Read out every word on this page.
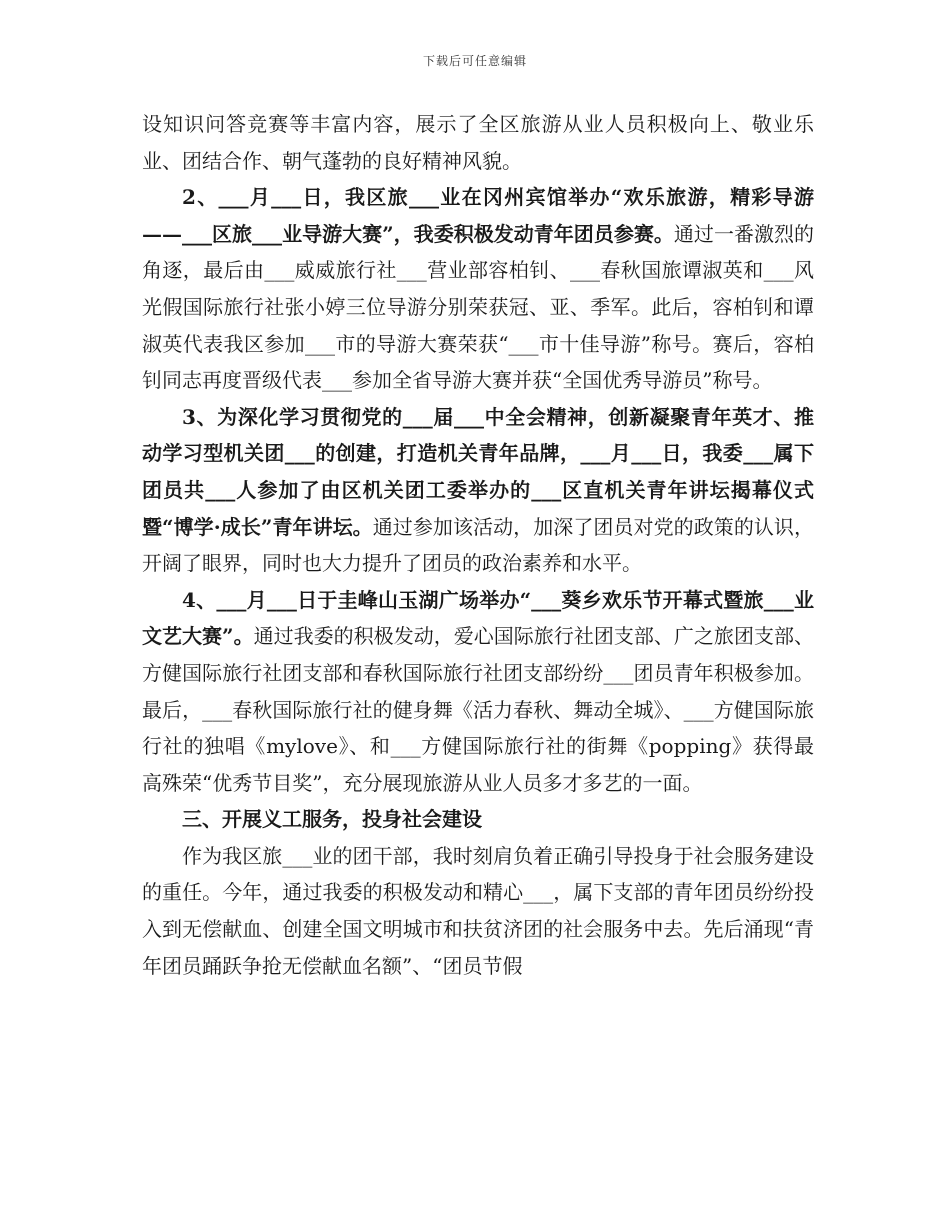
下载后可任意编辑

设知识问答竞赛等丰富内容，展示了全区旅游从业人员积极向上、敬业乐业、团结合作、朝气蓬勃的良好精神风貌。

2、___月___日，我区旅___业在冈州宾馆举办“欢乐旅游，精彩导游——___区旅___业导游大赛”，我委积极发动青年团员参赛。通过一番激烈的角逐，最后由___威威旅行社___营业部容柏钊、___春秋国旅谭淑英和___风光假国际旅行社张小婷三位导游分别荣获冠、亚、季军。此后，容柏钊和谭淑英代表我区参加___市的导游大赛荣获“___市十佳导游”称号。赛后，容柏钊同志再度晋级代表___参加全省导游大赛并获“全国优秀导游员”称号。

3、为深化学习贯彻党的___届___中全会精神，创新凝聚青年英才、推动学习型机关团___的创建，打造机关青年品牌，___月___日，我委___属下团员共___人参加了由区机关团工委举办的___区直机关青年讲坛揭幕仪式暨“博学·成长”青年讲坛。通过参加该活动，加深了团员对党的政策的认识，开阔了眼界，同时也大力提升了团员的政治素养和水平。

4、___月___日于圭峰山玉湖广场举办“___葵乡欢乐节开幕式暨旅___业文艺大赛”。通过我委的积极发动，爱心国际旅行社团支部、广之旅团支部、方健国际旅行社团支部和春秋国际旅行社团支部纷纷___团员青年积极参加。最后，___春秋国际旅行社的健身舞《活力春秋、舞动全城》、___方健国际旅行社的独唱《mylove》、和___方健国际旅行社的街舞《popping》获得最高殊荣“优秀节目奖”，充分展现旅游从业人员多才多艺的一面。

三、开展义工服务，投身社会建设

作为我区旅___业的团干部，我时刻肩负着正确引导投身于社会服务建设的重任。今年，通过我委的积极发动和精心___，属下支部的青年团员纷纷投入到无偿献血、创建全国文明城市和扶贫济团的社会服务中去。先后涌现“青年团员踊跃争抢无偿献血名额”、“团员节假
